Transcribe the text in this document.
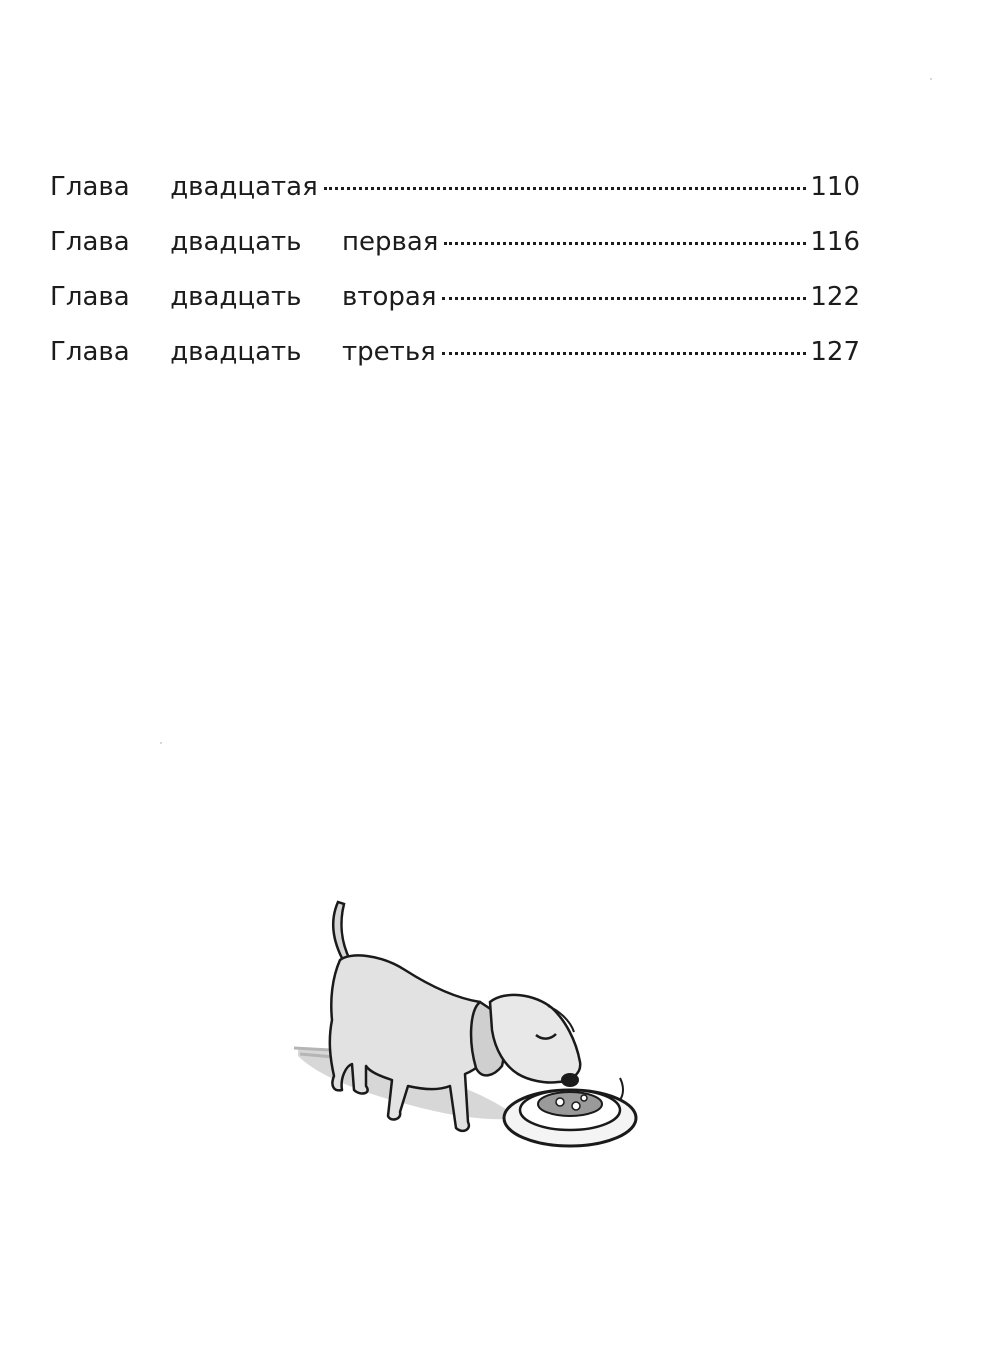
Глава  двадцатая	110
Глава  двадцать  первая	116
Глава  двадцать  вторая	122
Глава  двадцать  третья	127
